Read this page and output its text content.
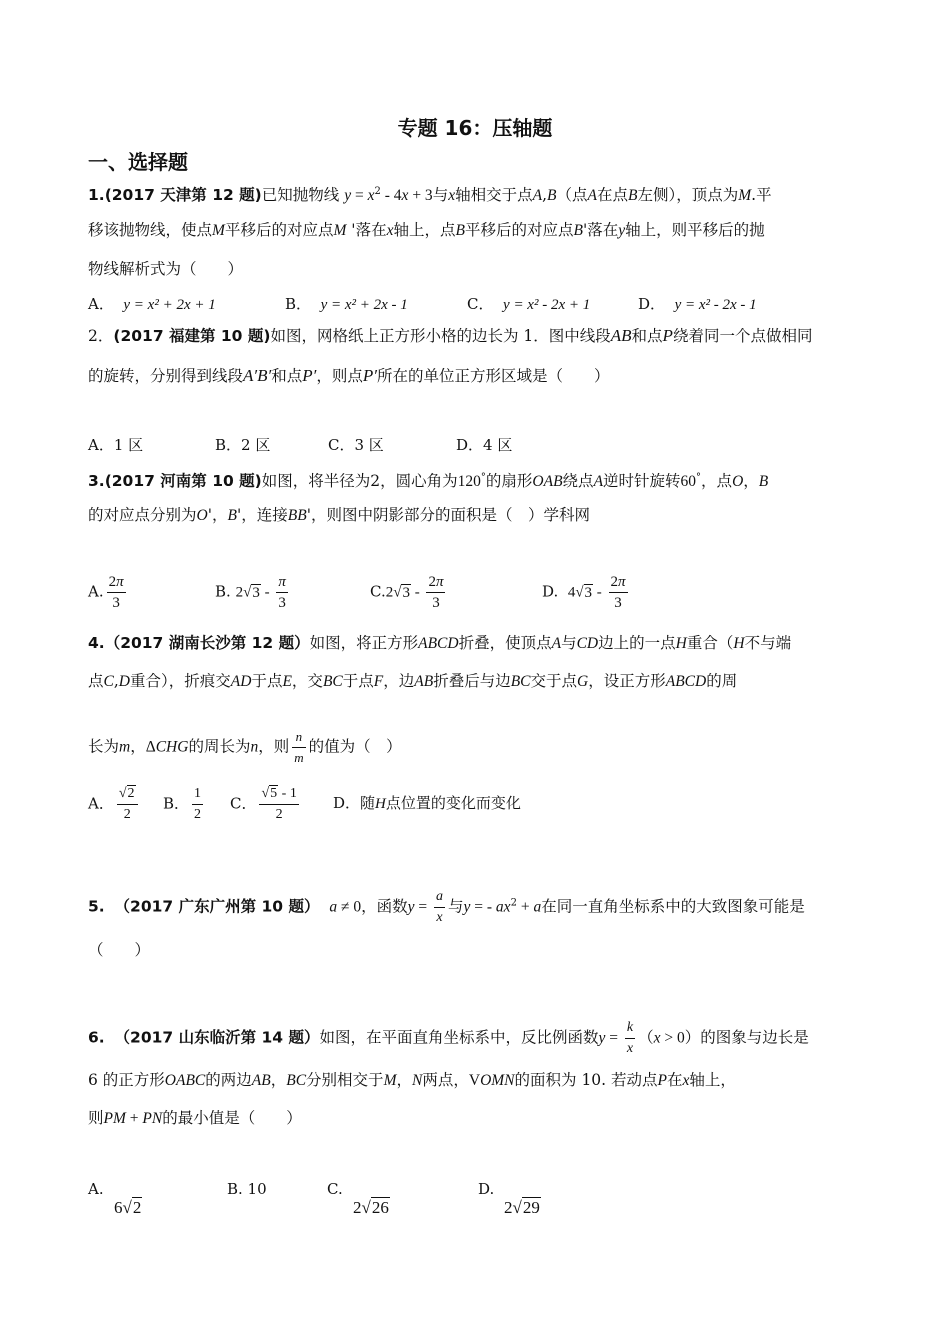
专题 16：压轴题
一、选择题
1.(2017 天津第 12 题)已知抛物线 $y = x^2 - 4x + 3$与x轴相交于点A,B（点A在点B左侧），顶点为M.平
移该抛物线，使点M平移后的对应点M '落在x轴上，点B平移后的对应点B'落在y轴上，则平移后的抛
物线解析式为（　　）
A． y = x² + 2x + 1	B． y = x² + 2x - 1	C． y = x² - 2x + 1	D． y = x² - 2x - 1
2．(2017 福建第 10 题)如图，网格纸上正方形小格的边长为 1．图中线段AB和点P绕着同一个点做相同
的旋转，分别得到线段A′B′和点P′，则点P′所在的单位正方形区域是（　　）
A．1 区	B．2 区	C．3 区	D．4 区
3.(2017 河南第 10 题)如图，将半径为2，圆心角为120°的扇形OAB绕点A逆时针旋转60°，点O，B
的对应点分别为O'，B'，连接BB'，则图中阴影部分的面积是（　）学科网
A. $\frac{2\pi}{3}$	B. $2√3 - \frac{\pi}{3}$	$C.2√3 - \frac{2\pi}{3}$	D. $4√3 - \frac{2\pi}{3}$
4.（2017 湖南长沙第 12 题）如图，将正方形ABCD折叠，使顶点A与CD边上的一点H重合（H不与端
点C,D重合），折痕交AD于点E，交BC于点F，边AB折叠后与边BC交于点G，设正方形ABCD的周
长为m，ΔCHG的周长为n，则 $\frac{n}{m}$ 的值为（　）
A． $\frac{√2}{2}$ B． $\frac{1}{2}$ C． $\frac{√5 - 1}{2}$ D．随H点位置的变化而变化
5. （2017 广东广州第 10 题） a ≠ 0，函数$y = \frac{a}{x}$ 与y = - $ax^2 + a$在同一直角坐标系中的大致图象可能是
（　　）
6. （2017 山东临沂第 14 题）如图，在平面直角坐标系中，反比例函数$y = \frac{k}{x} (x > 0)$的图象与边长是
6 的正方形OABC的两边AB，BC分别相交于M，N两点，VOMN的面积为 10. 若动点P在x轴上，
则PM + PN的最小值是（　　）
A.
6√2
B. 10	C.
2√26
D.
2√29
